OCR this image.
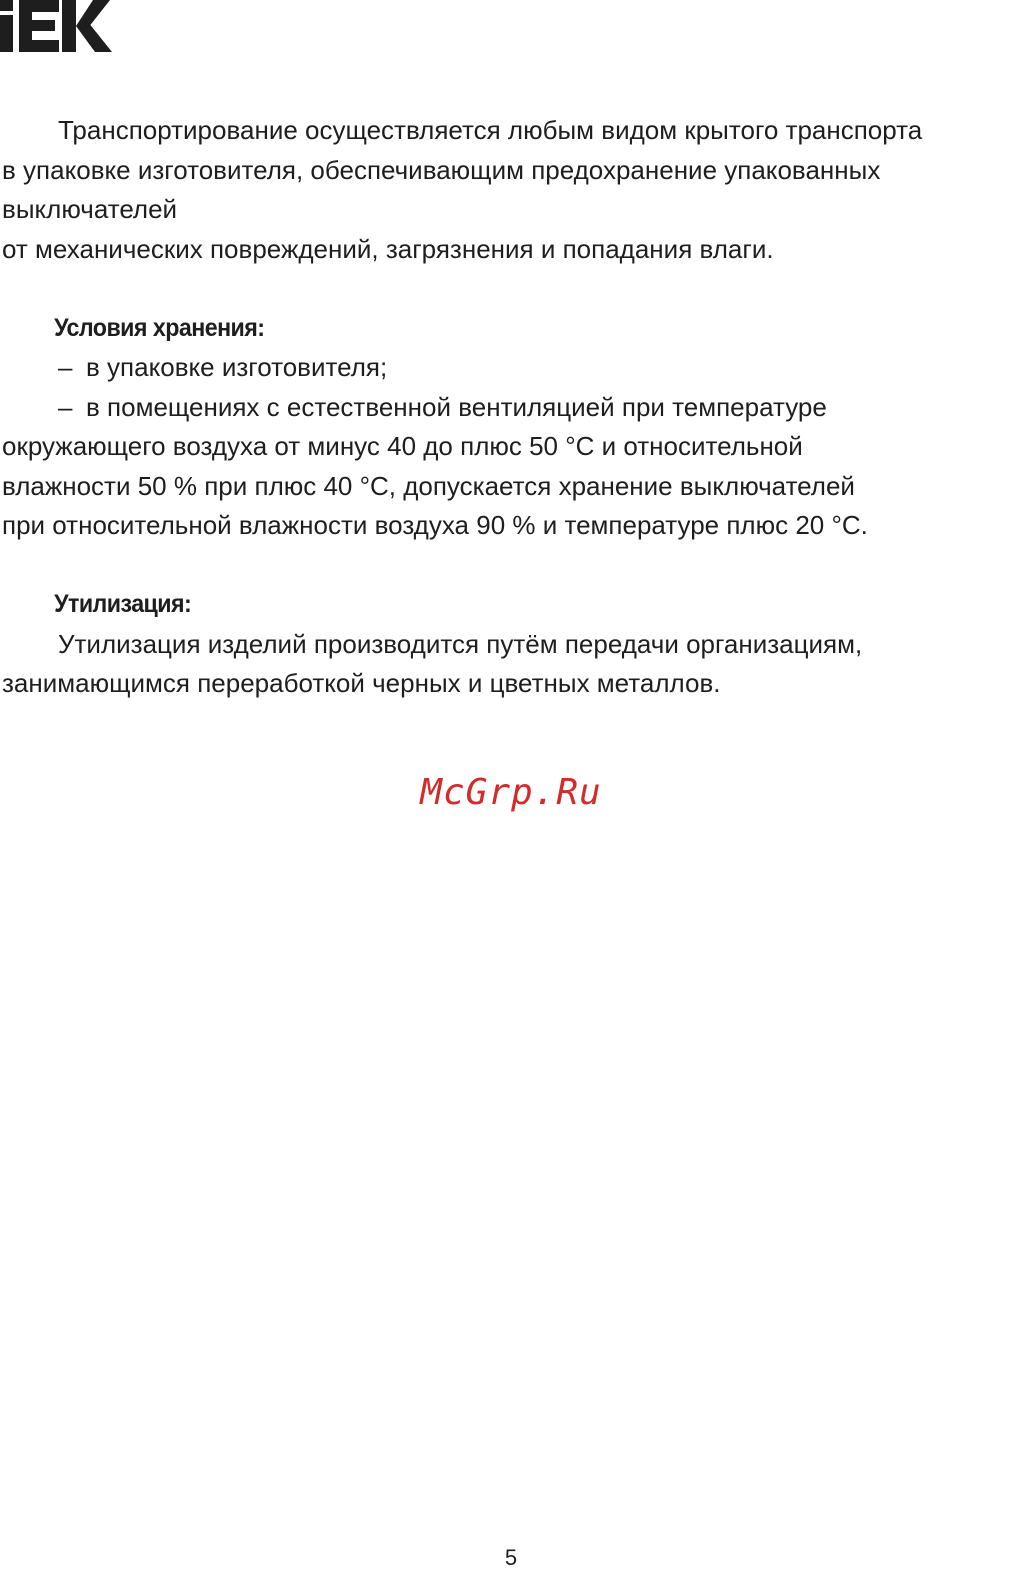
Транспортирование осуществляется любым видом крытого транспорта
в упаковке изготовителя, обеспечивающим предохранение упакованных
выключателей
от механических повреждений, загрязнения и попадания влаги.
Условия хранения:
– в упаковке изготовителя;
– в помещениях с естественной вентиляцией при температуре
окружающего воздуха от минус 40 до плюс 50 °С и относительной
влажности 50 % при плюс 40 °С, допускается хранение выключателей
при относительной влажности воздуха 90 % и температуре плюс 20 °С.
Утилизация:
Утилизация изделий производится путём передачи организациям,
занимающимся переработкой черных и цветных металлов.
McGrp.Ru
5
